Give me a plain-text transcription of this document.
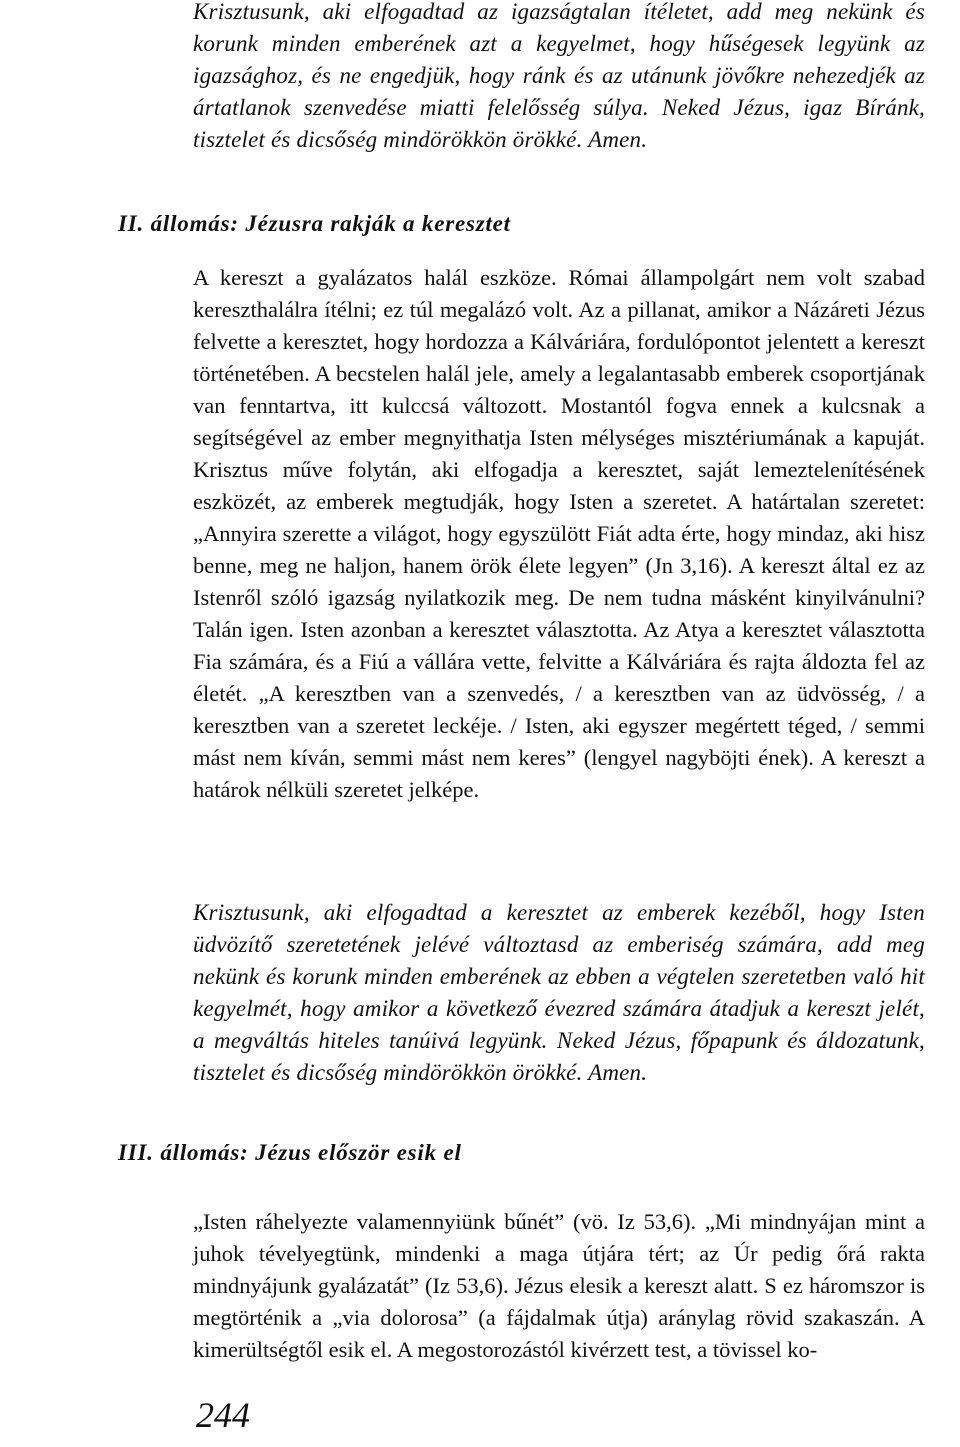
Krisztusunk, aki elfogadtad az igazságtalan ítéletet, add meg nekünk és korunk minden emberének azt a kegyelmet, hogy hűségesek legyünk az igazsághoz, és ne engedjük, hogy ránk és az utánunk jövőkre nehezedjék az ártatlanok szenvedése miatti felelősség súlya. Neked Jézus, igaz Bíránk, tisztelet és dicsőség mindörökkön örökké. Amen.

II. állomás: Jézusra rakják a keresztet

A kereszt a gyalázatos halál eszköze. Római állampolgárt nem volt szabad kereszthalálra ítélni; ez túl megalázó volt. Az a pillanat, amikor a Názáreti Jézus felvette a keresztet, hogy hordozza a Kálváriára, fordulópontot jelentett a kereszt történetében. A becstelen halál jele, amely a legalantasabb emberek csoportjának van fenntartva, itt kulccsá változott. Mostantól fogva ennek a kulcsnak a segítségével az ember megnyithatja Isten mélységes misztériumának a kapuját. Krisztus műve folytán, aki elfogadja a keresztet, saját lemeztelenítésének eszközét, az emberek megtudják, hogy Isten a szeretet. A határtalan szeretet: „Annyira szerette a világot, hogy egyszülött Fiát adta érte, hogy mindaz, aki hisz benne, meg ne haljon, hanem örök élete legyen” (Jn 3,16). A kereszt által ez az Istenről szóló igazság nyilatkozik meg. De nem tudna másként kinyilvánulni? Talán igen. Isten azonban a keresztet választotta. Az Atya a keresztet választotta Fia számára, és a Fiú a vállára vette, felvitte a Kálváriára és rajta áldozta fel az életét. „A keresztben van a szenvedés, / a keresztben van az üdvösség, / a keresztben van a szeretet leckéje. / Isten, aki egyszer megértett téged, / semmi mást nem kíván, semmi mást nem keres” (lengyel nagyböjti ének). A kereszt a határok nélküli szeretet jelképe.

Krisztusunk, aki elfogadtad a keresztet az emberek kezéből, hogy Isten üdvözítő szeretetének jelévé változtasd az emberiség számára, add meg nekünk és korunk minden emberének az ebben a végtelen szeretetben való hit kegyelmét, hogy amikor a következő évezred számára átadjuk a kereszt jelét, a megváltás hiteles tanúivá legyünk. Neked Jézus, főpapunk és áldozatunk, tisztelet és dicsőség mindörökkön örökké. Amen.

III. állomás: Jézus először esik el

„Isten ráhelyezte valamennyiünk bűnét” (vö. Iz 53,6). „Mi mindnyájan mint a juhok tévelyegtünk, mindenki a maga útjára tért; az Úr pedig őrá rakta mindnyájunk gyalázatát” (Iz 53,6). Jézus elesik a kereszt alatt. S ez háromszor is megtörténik a „via dolorosa” (a fájdalmak útja) aránylag rövid szakaszán. A kimerültségtől esik el. A megostorozástól kivérzett test, a tövissel ko-

244
